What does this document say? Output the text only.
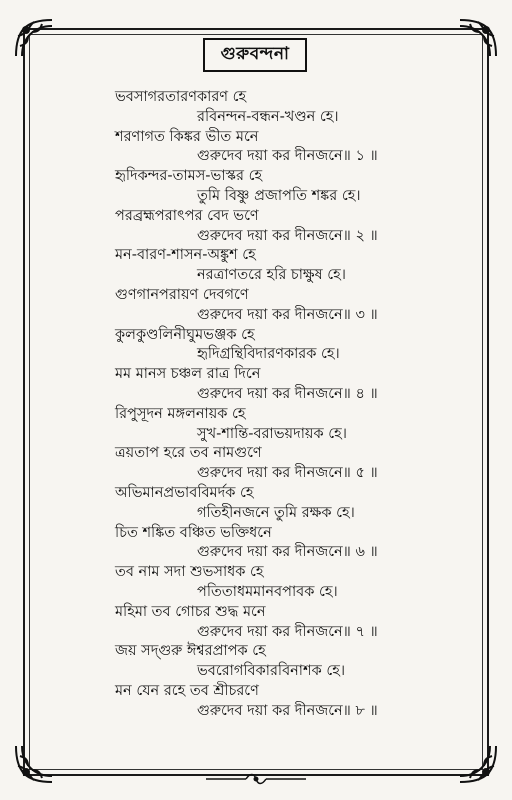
গুরুবন্দনা
ভবসাগরতারণকারণ হে
রবিনন্দন-বন্ধন-খণ্ডন হে।
শরণাগত কিঙ্কর ভীত মনে
গুরুদেব দয়া কর দীনজনে॥ ১ ॥
হৃদিকন্দর-তামস-ভাস্কর হে
তুমি বিষ্ণু প্রজাপতি শঙ্কর হে।
পরব্রহ্মপরাৎপর বেদ ভণে
গুরুদেব দয়া কর দীনজনে॥ ২ ॥
মন-বারণ-শাসন-অঙ্কুশ হে
নরত্রাণতরে হরি চাক্ষুষ হে।
গুণগানপরায়ণ দেবগণে
গুরুদেব দয়া কর দীনজনে॥ ৩ ॥
কুলকুণ্ডলিনীঘুমভঞ্জক হে
হৃদিগ্রন্থিবিদারণকারক হে।
মম মানস চঞ্চল রাত্র দিনে
গুরুদেব দয়া কর দীনজনে॥ ৪ ॥
রিপুসূদন মঙ্গলনায়ক হে
সুখ-শান্তি-বরাভয়দায়ক হে।
ত্রয়তাপ হরে তব নামগুণে
গুরুদেব দয়া কর দীনজনে॥ ৫ ॥
অভিমানপ্রভাববিমর্দক হে
গতিহীনজনে তুমি রক্ষক হে।
চিত শঙ্কিত বঞ্চিত ভক্তিধনে
গুরুদেব দয়া কর দীনজনে॥ ৬ ॥
তব নাম সদা শুভসাধক হে
পতিতাধমমানবপাবক হে।
মহিমা তব গোচর শুদ্ধ মনে
গুরুদেব দয়া কর দীনজনে॥ ৭ ॥
জয় সদ্গুরু ঈশ্বরপ্রাপক হে
ভবরোগবিকারবিনাশক হে।
মন যেন রহে তব শ্রীচরণে
গুরুদেব দয়া কর দীনজনে॥ ৮ ॥
